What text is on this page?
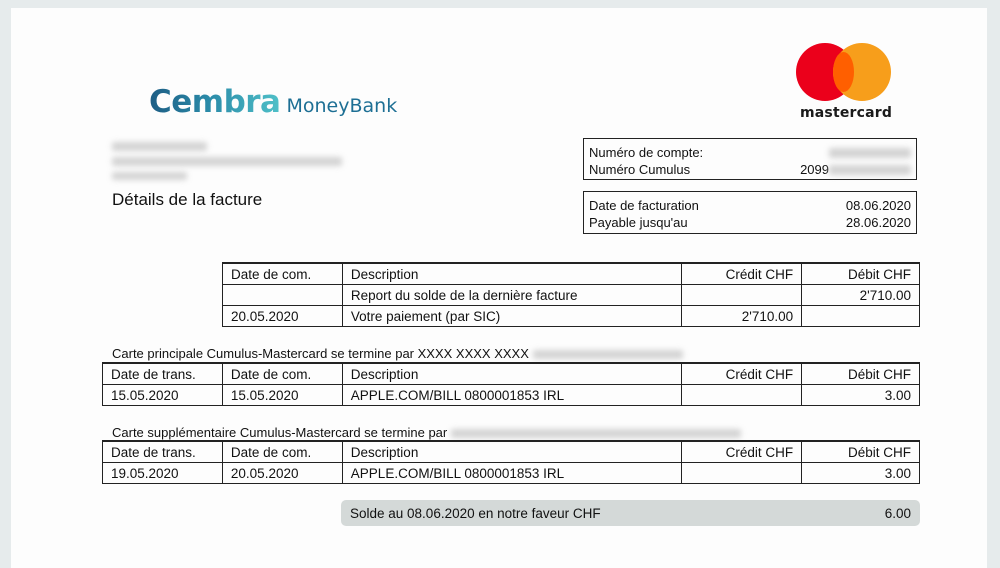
Cembra MoneyBank	mastercard
Détails de la facture
Numéro de compte:
Numéro Cumulus	2099
Date de facturation	08.06.2020
Payable jusqu'au	28.06.2020
Date de com.	Description	Crédit CHF	Débit CHF
	Report du solde de la dernière facture		2'710.00
20.05.2020	Votre paiement (par SIC)	2'710.00	
Carte principale Cumulus-Mastercard se termine par XXXX XXXX XXXX
Date de trans.	Date de com.	Description	Crédit CHF	Débit CHF
15.05.2020	15.05.2020	APPLE.COM/BILL 0800001853 IRL		3.00
Carte supplémentaire Cumulus-Mastercard se termine par
Date de trans.	Date de com.	Description	Crédit CHF	Débit CHF
19.05.2020	20.05.2020	APPLE.COM/BILL 0800001853 IRL		3.00
Solde au 08.06.2020 en notre faveur CHF	6.00
